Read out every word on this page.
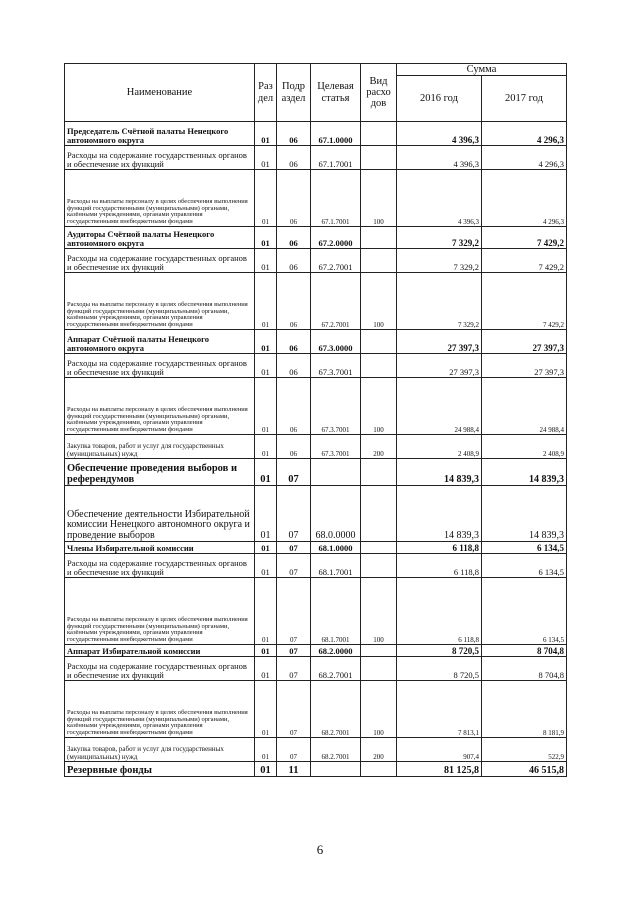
Наименование	Раз дел	Подр аздел	Целевая статья	Вид расхо дов	Сумма	
					2016 год	2017 год
Председатель Счётной палаты Ненецкого автономного округа	01	06	67.1.0000		4 396,3	4 296,3
Расходы на содержание государственных органов и обеспечение их функций	01	06	67.1.7001		4 396,3	4 296,3
Расходы на выплаты персоналу в целях обеспечения выполнения функций государственными (муниципальными) органами, казёнными учреждениями, органами управления государственными внебюджетными фондами	01	06	67.1.7001	100	4 396,3	4 296,3
Аудиторы Счётной палаты Ненецкого автономного округа	01	06	67.2.0000		7 329,2	7 429,2
Расходы на содержание государственных органов и обеспечение их функций	01	06	67.2.7001		7 329,2	7 429,2
Расходы на выплаты персоналу в целях обеспечения выполнения функций государственными (муниципальными) органами, казёнными учреждениями, органами управления государственными внебюджетными фондами	01	06	67.2.7001	100	7 329,2	7 429,2
Аппарат Счётной палаты Ненецкого автономного округа	01	06	67.3.0000		27 397,3	27 397,3
Расходы на содержание государственных органов и обеспечение их функций	01	06	67.3.7001		27 397,3	27 397,3
Расходы на выплаты персоналу в целях обеспечения выполнения функций государственными (муниципальными) органами, казёнными учреждениями, органами управления государственными внебюджетными фондами	01	06	67.3.7001	100	24 988,4	24 988,4
Закупка товаров, работ и услуг для государственных (муниципальных) нужд	01	06	67.3.7001	200	2 408,9	2 408,9
Обеспечение проведения выборов и референдумов	01	07			14 839,3	14 839,3
Обеспечение деятельности Избирательной комиссии Ненецкого автономного округа и проведение выборов	01	07	68.0.0000		14 839,3	14 839,3
Члены Избирательной комиссии	01	07	68.1.0000		6 118,8	6 134,5
Расходы на содержание государственных органов и обеспечение их функций	01	07	68.1.7001		6 118,8	6 134,5
Расходы на выплаты персоналу в целях обеспечения выполнения функций государственными (муниципальными) органами, казёнными учреждениями, органами управления государственными внебюджетными фондами	01	07	68.1.7001	100	6 118,8	6 134,5
Аппарат Избирательной комиссии	01	07	68.2.0000		8 720,5	8 704,8
Расходы на содержание государственных органов и обеспечение их функций	01	07	68.2.7001		8 720,5	8 704,8
Расходы на выплаты персоналу в целях обеспечения выполнения функций государственными (муниципальными) органами, казёнными учреждениями, органами управления государственными внебюджетными фондами	01	07	68.2.7001	100	7 813,1	8 181,9
Закупка товаров, работ и услуг для государственных (муниципальных) нужд	01	07	68.2.7001	200	907,4	522,9
Резервные фонды	01	11			81 125,8	46 515,8
6
